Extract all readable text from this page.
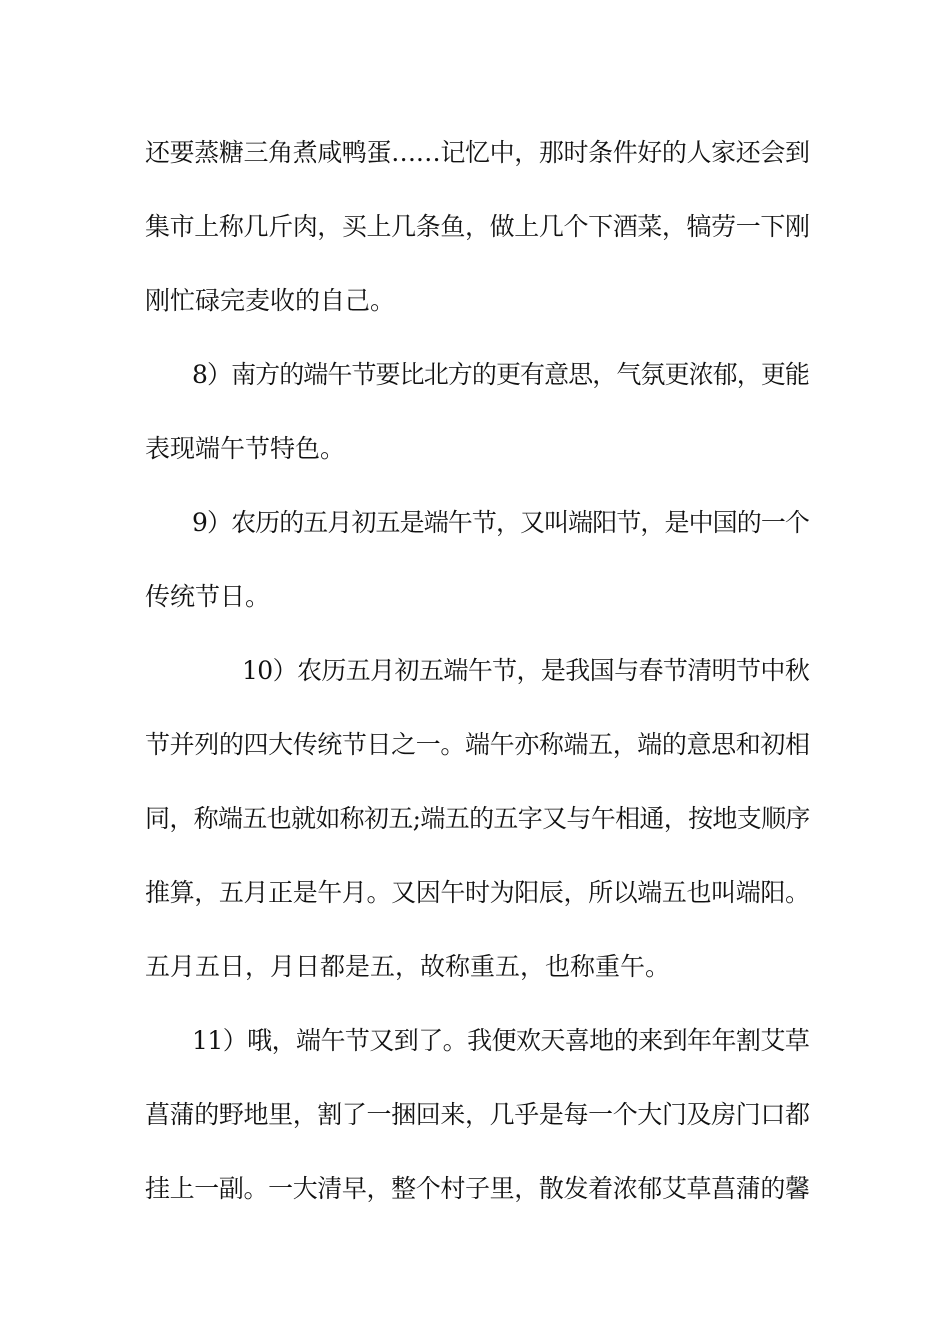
还要蒸糖三角煮咸鸭蛋……记忆中，那时条件好的人家还会到
集市上称几斤肉，买上几条鱼，做上几个下酒菜，犒劳一下刚
刚忙碌完麦收的自己。
8）南方的端午节要比北方的更有意思，气氛更浓郁，更能
表现端午节特色。
9）农历的五月初五是端午节，又叫端阳节，是中国的一个
传统节日。
10）农历五月初五端午节，是我国与春节清明节中秋
节并列的四大传统节日之一。端午亦称端五，端的意思和初相
同，称端五也就如称初五;端五的五字又与午相通，按地支顺序
推算，五月正是午月。又因午时为阳辰，所以端五也叫端阳。
五月五日，月日都是五，故称重五，也称重午。
11）哦，端午节又到了。我便欢天喜地的来到年年割艾草
菖蒲的野地里，割了一捆回来，几乎是每一个大门及房门口都
挂上一副。一大清早，整个村子里，散发着浓郁艾草菖蒲的馨
